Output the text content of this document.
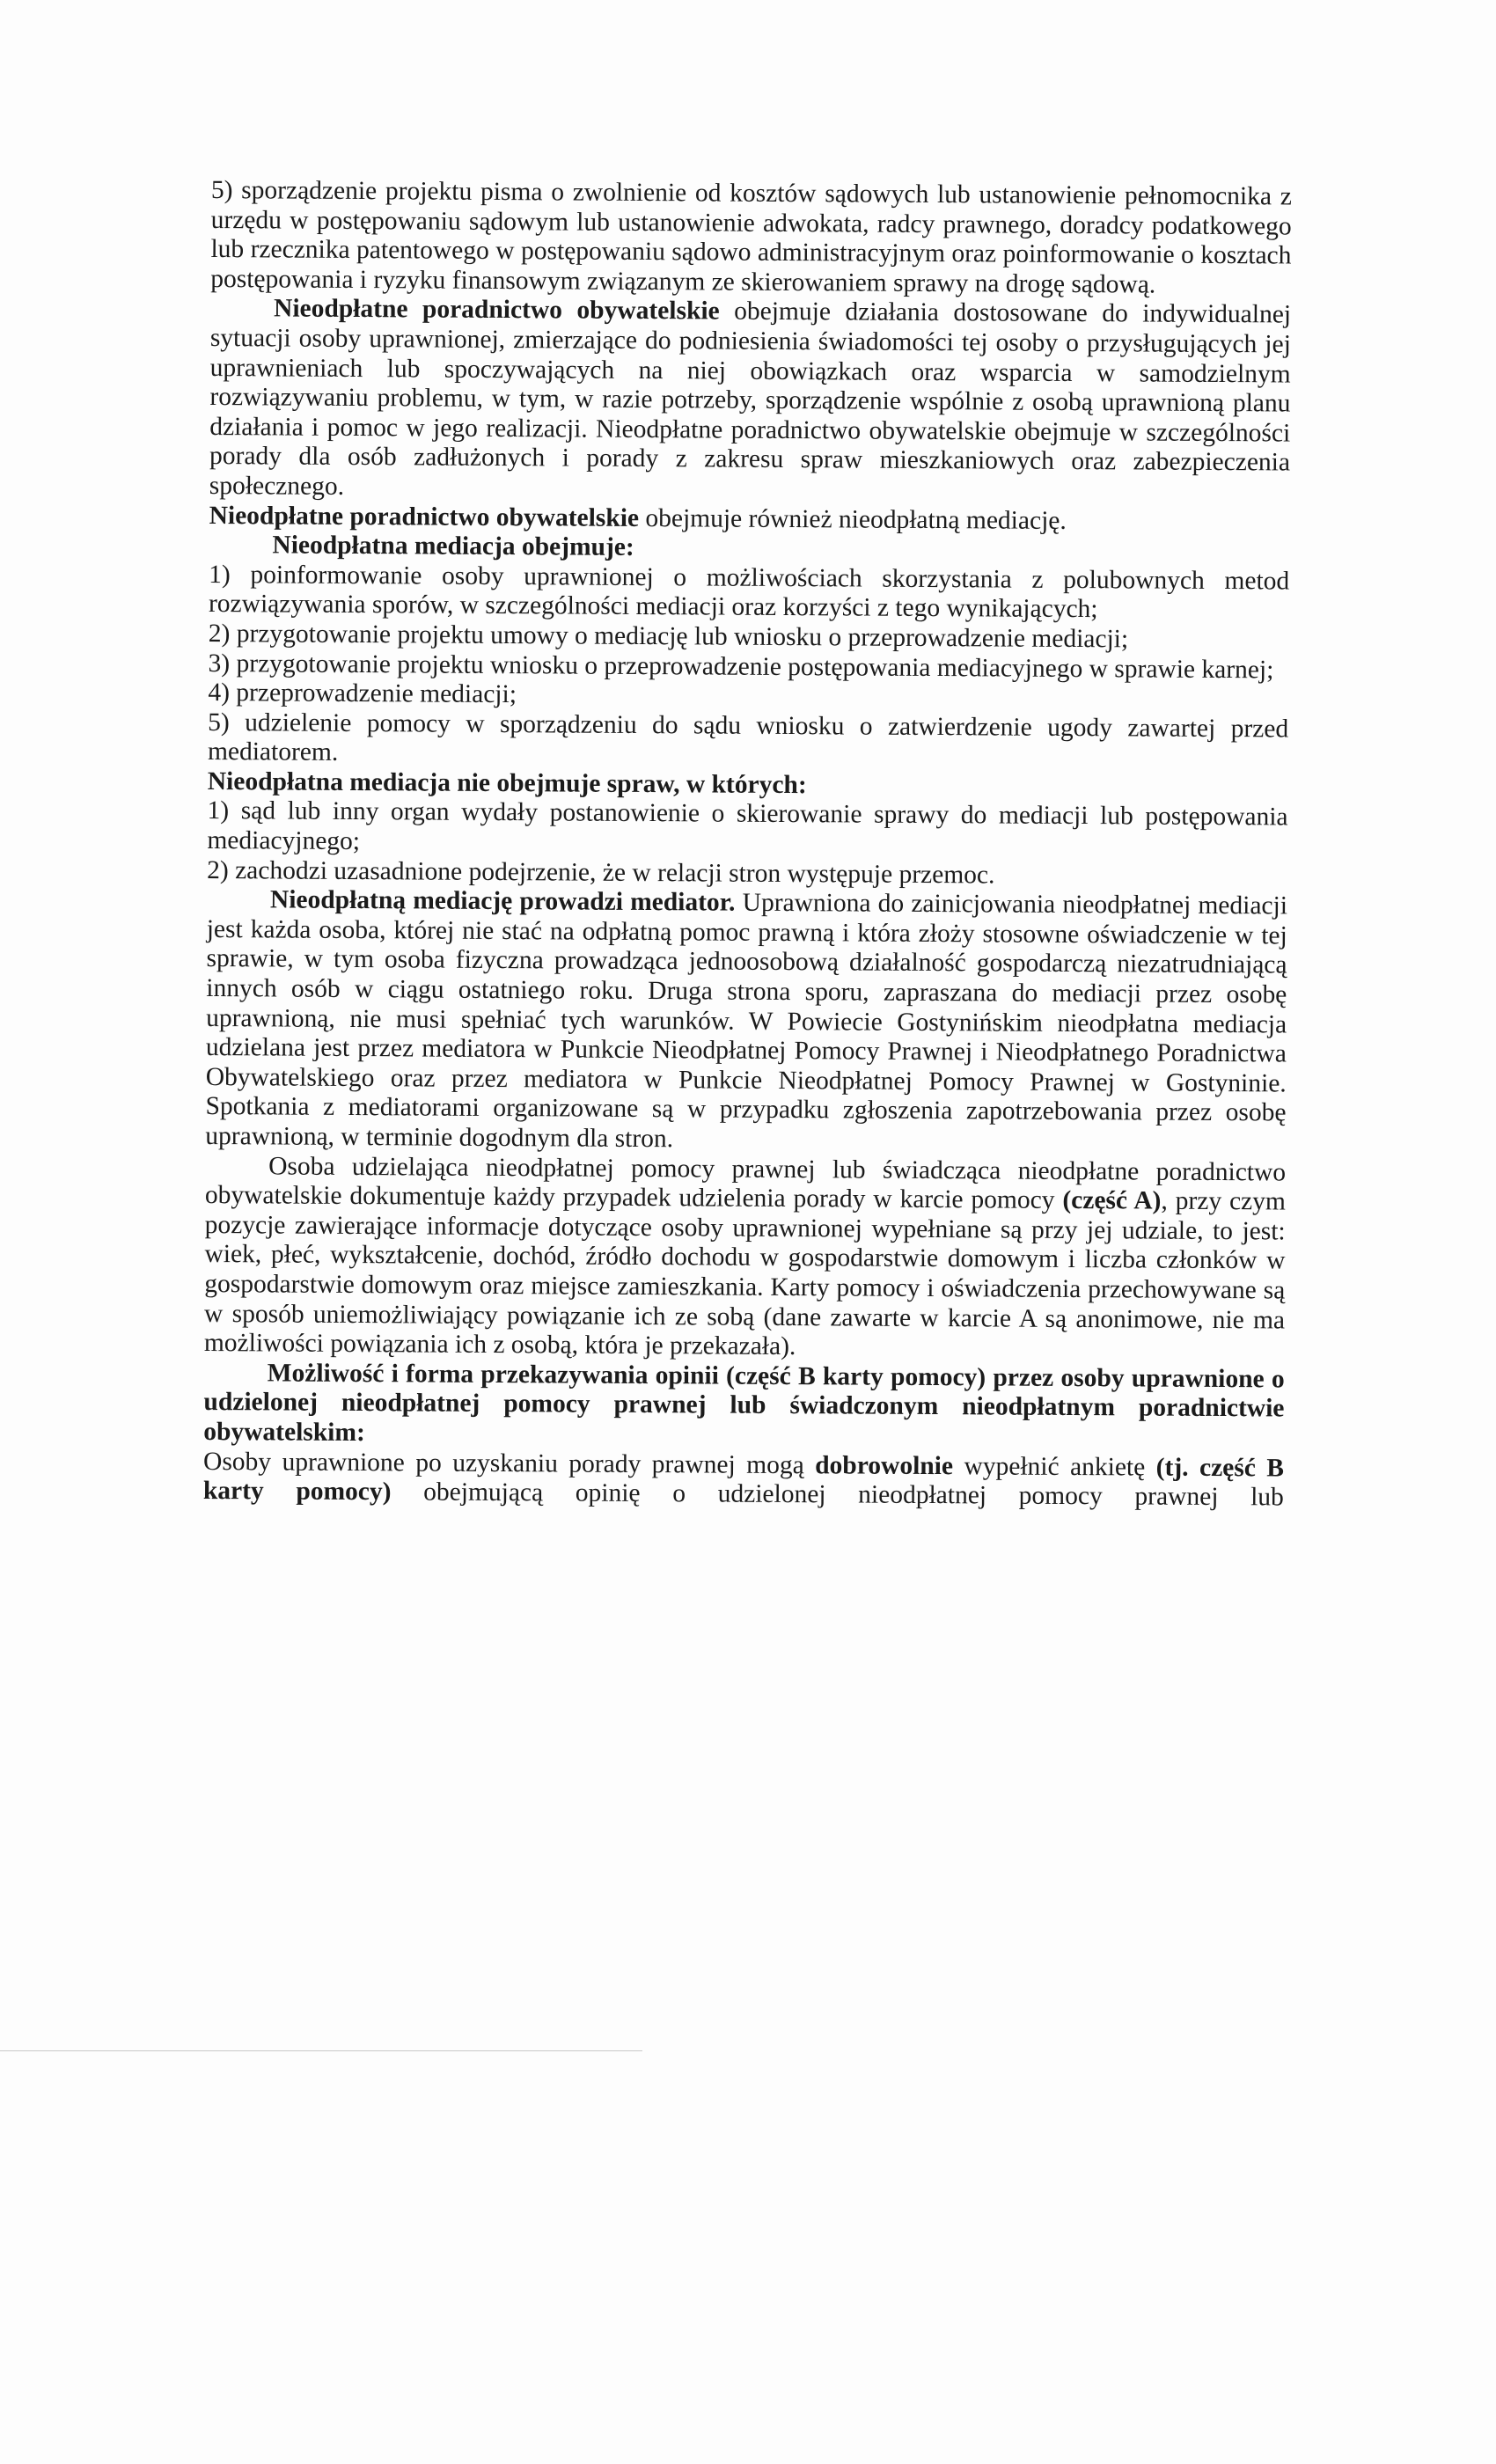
5) sporządzenie projektu pisma o zwolnienie od kosztów sądowych lub ustanowienie pełnomocnika z urzędu w postępowaniu sądowym lub ustanowienie adwokata, radcy prawnego, doradcy podatkowego lub rzecznika patentowego w postępowaniu sądowo administracyjnym oraz poinformowanie o kosztach postępowania i ryzyku finansowym związanym ze skierowaniem sprawy na drogę sądową.

Nieodpłatne poradnictwo obywatelskie obejmuje działania dostosowane do indywidualnej sytuacji osoby uprawnionej, zmierzające do podniesienia świadomości tej osoby o przysługujących jej uprawnieniach lub spoczywających na niej obowiązkach oraz wsparcia w samodzielnym rozwiązywaniu problemu, w tym, w razie potrzeby, sporządzenie wspólnie z osobą uprawnioną planu działania i pomoc w jego realizacji. Nieodpłatne poradnictwo obywatelskie obejmuje w szczególności porady dla osób zadłużonych i porady z zakresu spraw mieszkaniowych oraz zabezpieczenia społecznego.

Nieodpłatne poradnictwo obywatelskie obejmuje również nieodpłatną mediację.

Nieodpłatna mediacja obejmuje:

1) poinformowanie osoby uprawnionej o możliwościach skorzystania z polubownych metod rozwiązywania sporów, w szczególności mediacji oraz korzyści z tego wynikających;

2) przygotowanie projektu umowy o mediację lub wniosku o przeprowadzenie mediacji;

3) przygotowanie projektu wniosku o przeprowadzenie postępowania mediacyjnego w sprawie karnej;

4) przeprowadzenie mediacji;

5) udzielenie pomocy w sporządzeniu do sądu wniosku o zatwierdzenie ugody zawartej przed mediatorem.

Nieodpłatna mediacja nie obejmuje spraw, w których:

1) sąd lub inny organ wydały postanowienie o skierowanie sprawy do mediacji lub postępowania mediacyjnego;

2) zachodzi uzasadnione podejrzenie, że w relacji stron występuje przemoc.

Nieodpłatną mediację prowadzi mediator. Uprawniona do zainicjowania nieodpłatnej mediacji jest każda osoba, której nie stać na odpłatną pomoc prawną i która złoży stosowne oświadczenie w tej sprawie, w tym osoba fizyczna prowadząca jednoosobową działalność gospodarczą niezatrudniającą innych osób w ciągu ostatniego roku. Druga strona sporu, zapraszana do mediacji przez osobę uprawnioną, nie musi spełniać tych warunków. W Powiecie Gostynińskim nieodpłatna mediacja udzielana jest przez mediatora w Punkcie Nieodpłatnej Pomocy Prawnej i Nieodpłatnego Poradnictwa Obywatelskiego oraz przez mediatora w Punkcie Nieodpłatnej Pomocy Prawnej w Gostyninie. Spotkania z mediatorami organizowane są w przypadku zgłoszenia zapotrzebowania przez osobę uprawnioną, w terminie dogodnym dla stron.

Osoba udzielająca nieodpłatnej pomocy prawnej lub świadcząca nieodpłatne poradnictwo obywatelskie dokumentuje każdy przypadek udzielenia porady w karcie pomocy (część A), przy czym pozycje zawierające informacje dotyczące osoby uprawnionej wypełniane są przy jej udziale, to jest: wiek, płeć, wykształcenie, dochód, źródło dochodu w gospodarstwie domowym i liczba członków w gospodarstwie domowym oraz miejsce zamieszkania. Karty pomocy i oświadczenia przechowywane są w sposób uniemożliwiający powiązanie ich ze sobą (dane zawarte w karcie A są anonimowe, nie ma możliwości powiązania ich z osobą, która je przekazała).

Możliwość i forma przekazywania opinii (część B karty pomocy) przez osoby uprawnione o udzielonej nieodpłatnej pomocy prawnej lub świadczonym nieodpłatnym poradnictwie obywatelskim:

Osoby uprawnione po uzyskaniu porady prawnej mogą dobrowolnie wypełnić ankietę (tj. część B karty pomocy) obejmującą opinię o udzielonej nieodpłatnej pomocy prawnej lub
